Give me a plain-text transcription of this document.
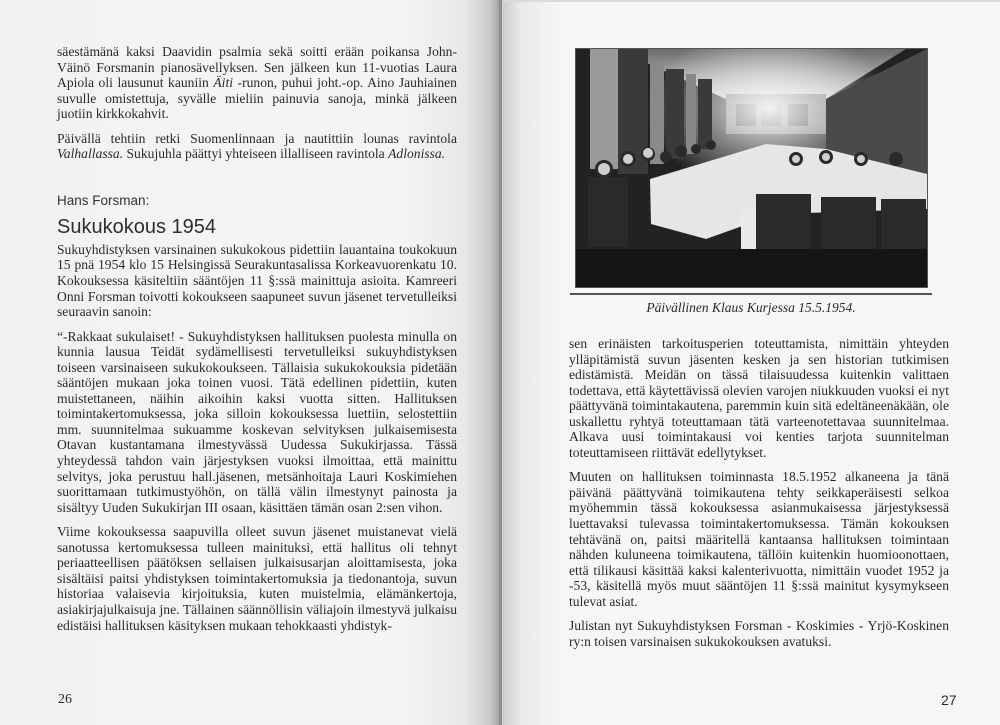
säestämänä kaksi Daavidin psalmia sekä soitti erään poikansa John-Väinö Forsmanin pianosävellyksen. Sen jälkeen kun 11-vuotias Laura Apiola oli lausunut kauniin Äiti -runon, puhui joht.-op. Aino Jauhiainen suvulle omistettuja, syvälle mieliin painuvia sanoja, minkä jälkeen juotiin kirkkokahvit.

Päivällä tehtiin retki Suomenlinnaan ja nautittiin lounas ravintola Valhallassa. Sukujuhla päättyi yhteiseen illalliseen ravintola Adlonissa.

Hans Forsman:
Sukukokous 1954

Sukuyhdistyksen varsinainen sukukokous pidettiin lauantaina toukokuun 15 pnä 1954 klo 15 Helsingissä Seurakuntasalissa Korkeavuorenkatu 10. Kokouksessa käsiteltiin sääntöjen 11 §:ssä mainittuja asioita. Kamreeri Onni Forsman toivotti kokoukseen saapuneet suvun jäsenet tervetulleiksi seuraavin sanoin:

“-Rakkaat sukulaiset! - Sukuyhdistyksen hallituksen puolesta minulla on kunnia lausua Teidät sydämellisesti tervetulleiksi sukuyhdistyksen toiseen varsinaiseen sukukokoukseen. Tällaisia sukukokouksia pidetään sääntöjen mukaan joka toinen vuosi. Tätä edellinen pidettiin, kuten muistettaneen, näihin aikoihin kaksi vuotta sitten. Hallituksen toimintakertomuksessa, joka silloin kokouksessa luettiin, selostettiin mm. suunnitelmaa sukuamme koskevan selvityksen julkaisemisesta Otavan kustantamana ilmestyvässä Uudessa Sukukirjassa. Tässä yhteydessä tahdon vain järjestyksen vuoksi ilmoittaa, että mainittu selvitys, joka perustuu hall.jäsenen, metsänhoitaja Lauri Koskimiehen suorittamaan tutkimustyöhön, on tällä välin ilmestynyt painosta ja sisältyy Uuden Sukukirjan III osaan, käsittäen tämän osan 2:sen vihon.

Viime kokouksessa saapuvilla olleet suvun jäsenet muistanevat vielä sanotussa kertomuksessa tulleen mainituksi, että hallitus oli tehnyt periaatteellisen päätöksen sellaisen julkaisusarjan aloittamisesta, joka sisältäisi paitsi yhdistyksen toimintakertomuksia ja tiedonantoja, suvun historiaa valaisevia kirjoituksia, kuten muistelmia, elämänkertoja, asiakirjajulkaisuja jne. Tällainen säännöllisin väliajoin ilmestyvä julkaisu edistäisi hallituksen käsityksen mukaan tehokkaasti yhdistyk-

26
Päivällinen Klaus Kurjessa 15.5.1954.

sen erinäisten tarkoitusperien toteuttamista, nimittäin yhteyden ylläpitämistä suvun jäsenten kesken ja sen historian tutkimisen edistämistä. Meidän on tässä tilaisuudessa kuitenkin valittaen todettava, että käytettävissä olevien varojen niukkuuden vuoksi ei nyt päättyvänä toimintakautena, paremmin kuin sitä edeltäneenäkään, ole uskallettu ryhtyä toteuttamaan tätä varteenotettavaa suunnitelmaa. Alkava uusi toimintakausi voi kenties tarjota suunnitelman toteuttamiseen riittävät edellytykset.

Muuten on hallituksen toiminnasta 18.5.1952 alkaneena ja tänä päivänä päättyvänä toimikautena tehty seikkaperäisesti selkoa myöhemmin tässä kokouksessa asianmukaisessa järjestyksessä luettavaksi tulevassa toimintakertomuksessa. Tämän kokouksen tehtävänä on, paitsi määritellä kantaansa hallituksen toimintaan nähden kuluneena toimikautena, tällöin kuitenkin huomioonottaen, että tilikausi käsittää kaksi kalenterivuotta, nimittäin vuodet 1952 ja -53, käsitellä myös muut sääntöjen 11 §:ssä mainitut kysymykseen tulevat asiat.

Julistan nyt Sukuyhdistyksen Forsman - Koskimies - Yrjö-Koskinen ry:n toisen varsinaisen sukukokouksen avatuksi.

27
